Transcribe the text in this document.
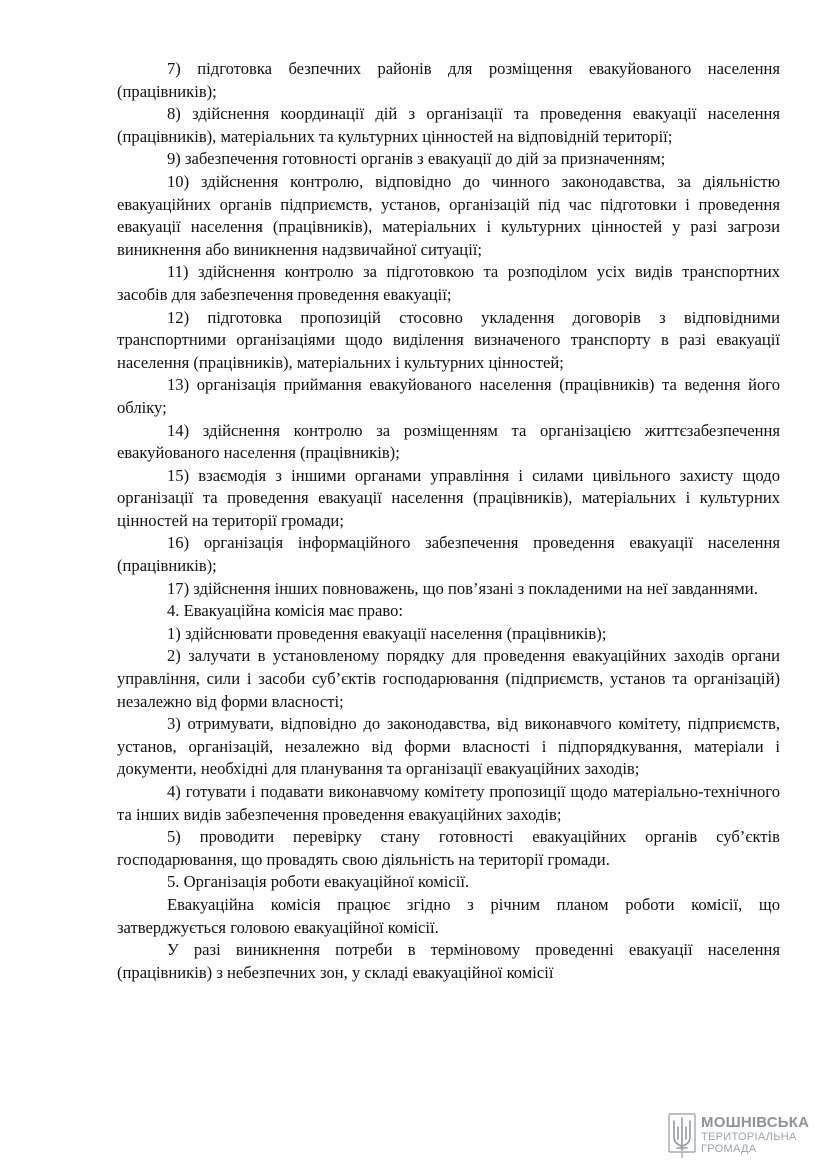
7) підготовка безпечних районів для розміщення евакуйованого населення (працівників);

8) здійснення координації дій з організації та проведення евакуації населення (працівників), матеріальних та культурних цінностей на відповідній території;

9) забезпечення готовності органів з евакуації до дій за призначенням;

10) здійснення контролю, відповідно до чинного законодавства, за діяльністю евакуаційних органів підприємств, установ, організацій під час підготовки і проведення евакуації населення (працівників), матеріальних і культурних цінностей у разі загрози виникнення або виникнення надзвичайної ситуації;

11) здійснення контролю за підготовкою та розподілом усіх видів транспортних засобів для забезпечення проведення евакуації;

12) підготовка пропозицій стосовно укладення договорів з відповідними транспортними організаціями щодо виділення визначеного транспорту в разі евакуації населення (працівників), матеріальних і культурних цінностей;

13) організація приймання евакуйованого населення (працівників) та ведення його обліку;

14) здійснення контролю за розміщенням та організацією життєзабезпечення евакуйованого населення (працівників);

15) взаємодія з іншими органами управління і силами цивільного захисту щодо організації та проведення евакуації населення (працівників), матеріальних і культурних цінностей на території громади;

16) організація інформаційного забезпечення проведення евакуації населення (працівників);

17) здійснення інших повноважень, що пов’язані з покладеними на неї завданнями.

4. Евакуаційна комісія має право:

1) здійснювати проведення евакуації населення (працівників);

2) залучати в установленому порядку для проведення евакуаційних заходів органи управління, сили і засоби суб’єктів господарювання (підприємств, установ та організацій) незалежно від форми власності;

3) отримувати, відповідно до законодавства, від виконавчого комітету, підприємств, установ, організацій, незалежно від форми власності і підпорядкування, матеріали і документи, необхідні для планування та організації евакуаційних заходів;

4) готувати і подавати виконавчому комітету пропозиції щодо матеріально-технічного та інших видів забезпечення проведення евакуаційних заходів;

5) проводити перевірку стану готовності евакуаційних органів суб’єктів господарювання, що провадять свою діяльність на території громади.

5. Організація роботи евакуаційної комісії.

Евакуаційна комісія працює згідно з річним планом роботи комісії, що затверджується головою евакуаційної комісії.

У разі виникнення потреби в терміновому проведенні евакуації населення (працівників) з небезпечних зон, у складі евакуаційної комісії

МОШНІВСЬКА
ТЕРИТОРІАЛЬНА
ГРОМАДА
